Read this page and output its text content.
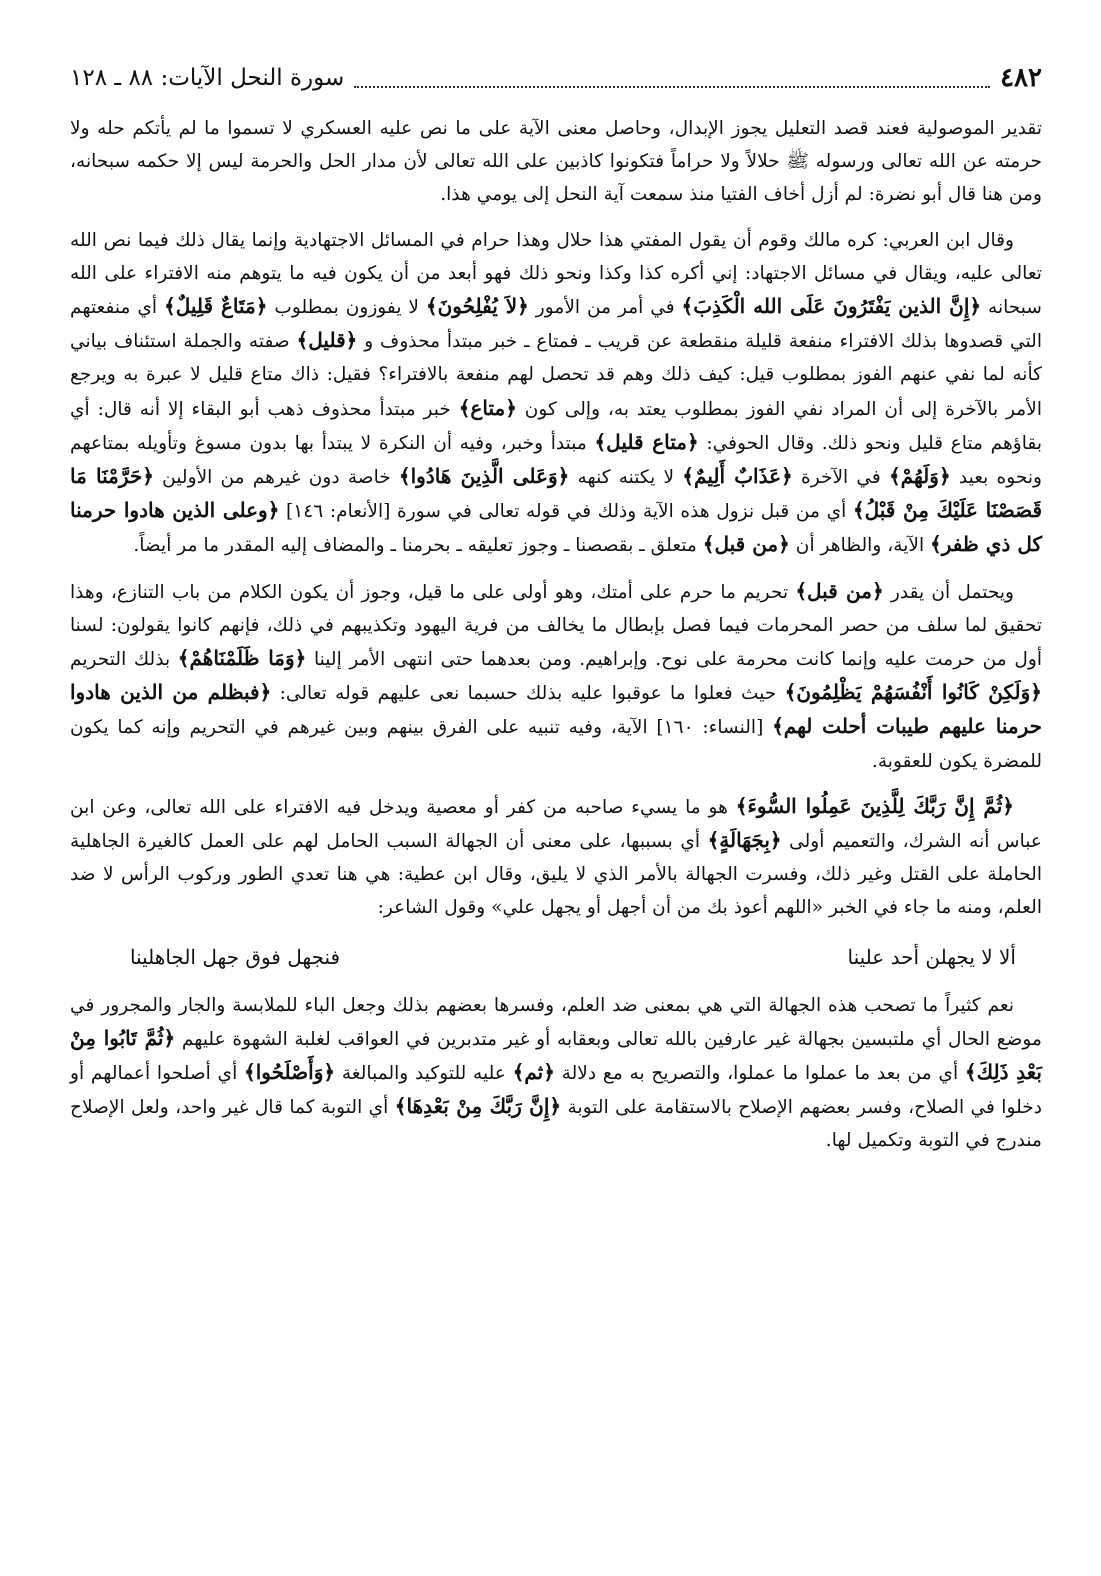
٤٨٢
سورة النحل الآيات: ٨٨ ـ ١٢٨

تقدير الموصولية فعند قصد التعليل يجوز الإبدال، وحاصل معنى الآية على ما نص عليه العسكري لا تسموا ما لم يأتكم حله ولا حرمته عن الله تعالى ورسوله ﷺ حلالاً ولا حراماً فتكونوا كاذبين على الله تعالى لأن مدار الحل والحرمة ليس إلا حكمه سبحانه، ومن هنا قال أبو نضرة: لم أزل أخاف الفتيا منذ سمعت آية النحل إلى يومي هذا.

وقال ابن العربي: كره مالك وقوم أن يقول المفتي هذا حلال وهذا حرام في المسائل الاجتهادية وإنما يقال ذلك فيما نص الله تعالى عليه، ويقال في مسائل الاجتهاد: إني أكره كذا وكذا ونحو ذلك فهو أبعد من أن يكون فيه ما يتوهم منه الافتراء على الله سبحانه ﴿إِنَّ الذين يَفْتَرُونَ عَلَى الله الْكَذِبَ﴾ في أمر من الأمور ﴿لاَ يُفْلِحُونَ﴾ لا يفوزون بمطلوب ﴿مَتَاعٌ قَلِيلٌ﴾ أي منفعتهم التي قصدوها بذلك الافتراء منفعة قليلة منقطعة عن قريب ـ فمتاع ـ خبر مبتدأ محذوف و ﴿قليل﴾ صفته والجملة استئناف بياني كأنه لما نفي عنهم الفوز بمطلوب قيل: كيف ذلك وهم قد تحصل لهم منفعة بالافتراء؟ فقيل: ذاك متاع قليل لا عبرة به ويرجع الأمر بالآخرة إلى أن المراد نفي الفوز بمطلوب يعتد به، وإلى كون ﴿متاع﴾ خبر مبتدأ محذوف ذهب أبو البقاء إلا أنه قال: أي بقاؤهم متاع قليل ونحو ذلك. وقال الحوفي: ﴿متاع قليل﴾ مبتدأ وخبر، وفيه أن النكرة لا يبتدأ بها بدون مسوغ وتأويله بمتاعهم ونحوه بعيد ﴿وَلَهُمْ﴾ في الآخرة ﴿عَذَابٌ أَلِيمٌ﴾ لا يكتنه كنهه ﴿وَعَلى الَّذِينَ هَادُوا﴾ خاصة دون غيرهم من الأولين ﴿حَرَّمْنَا مَا قَصَصْنَا عَلَيْكَ مِنْ قَبْلُ﴾ أي من قبل نزول هذه الآية وذلك في قوله تعالى في سورة [الأنعام: ١٤٦] ﴿وعلى الذين هادوا حرمنا كل ذي ظفر﴾ الآية، والظاهر أن ﴿من قبل﴾ متعلق ـ بقصصنا ـ وجوز تعليقه ـ بحرمنا ـ والمضاف إليه المقدر ما مر أيضاً.

ويحتمل أن يقدر ﴿من قبل﴾ تحريم ما حرم على أمتك، وهو أولى على ما قيل، وجوز أن يكون الكلام من باب التنازع، وهذا تحقيق لما سلف من حصر المحرمات فيما فصل بإبطال ما يخالف من فرية اليهود وتكذيبهم في ذلك، فإنهم كانوا يقولون: لسنا أول من حرمت عليه وإنما كانت محرمة على نوح. وإبراهيم. ومن بعدهما حتى انتهى الأمر إلينا ﴿وَمَا ظَلَمْنَاهُمْ﴾ بذلك التحريم ﴿وَلَكِنْ كَانُوا أَنْفُسَهُمْ يَظْلِمُونَ﴾ حيث فعلوا ما عوقبوا عليه بذلك حسبما نعى عليهم قوله تعالى: ﴿فبظلم من الذين هادوا حرمنا عليهم طيبات أحلت لهم﴾ [النساء: ١٦٠] الآية، وفيه تنبيه على الفرق بينهم وبين غيرهم في التحريم وإنه كما يكون للمضرة يكون للعقوبة.

﴿ثُمَّ إِنَّ رَبَّكَ لِلَّذِينَ عَمِلُوا السُّوءَ﴾ هو ما يسيء صاحبه من كفر أو معصية ويدخل فيه الافتراء على الله تعالى، وعن ابن عباس أنه الشرك، والتعميم أولى ﴿بِجَهَالَةٍ﴾ أي بسببها، على معنى أن الجهالة السبب الحامل لهم على العمل كالغيرة الجاهلية الحاملة على القتل وغير ذلك، وفسرت الجهالة بالأمر الذي لا يليق، وقال ابن عطية: هي هنا تعدي الطور وركوب الرأس لا ضد العلم، ومنه ما جاء في الخبر «اللهم أعوذ بك من أن أجهل أو يجهل علي» وقول الشاعر:

ألا لا يجهلن أحد علينا
فنجهل فوق جهل الجاهلينا

نعم كثيراً ما تصحب هذه الجهالة التي هي بمعنى ضد العلم، وفسرها بعضهم بذلك وجعل الباء للملابسة والجار والمجرور في موضع الحال أي ملتبسين بجهالة غير عارفين بالله تعالى وبعقابه أو غير متدبرين في العواقب لغلبة الشهوة عليهم ﴿ثُمَّ تَابُوا مِنْ بَعْدِ ذَلِكَ﴾ أي من بعد ما عملوا ما عملوا، والتصريح به مع دلالة ﴿ثم﴾ عليه للتوكيد والمبالغة ﴿وَأَصْلَحُوا﴾ أي أصلحوا أعمالهم أو دخلوا في الصلاح، وفسر بعضهم الإصلاح بالاستقامة على التوبة ﴿إِنَّ رَبَّكَ مِنْ بَعْدِهَا﴾ أي التوبة كما قال غير واحد، ولعل الإصلاح مندرج في التوبة وتكميل لها.
